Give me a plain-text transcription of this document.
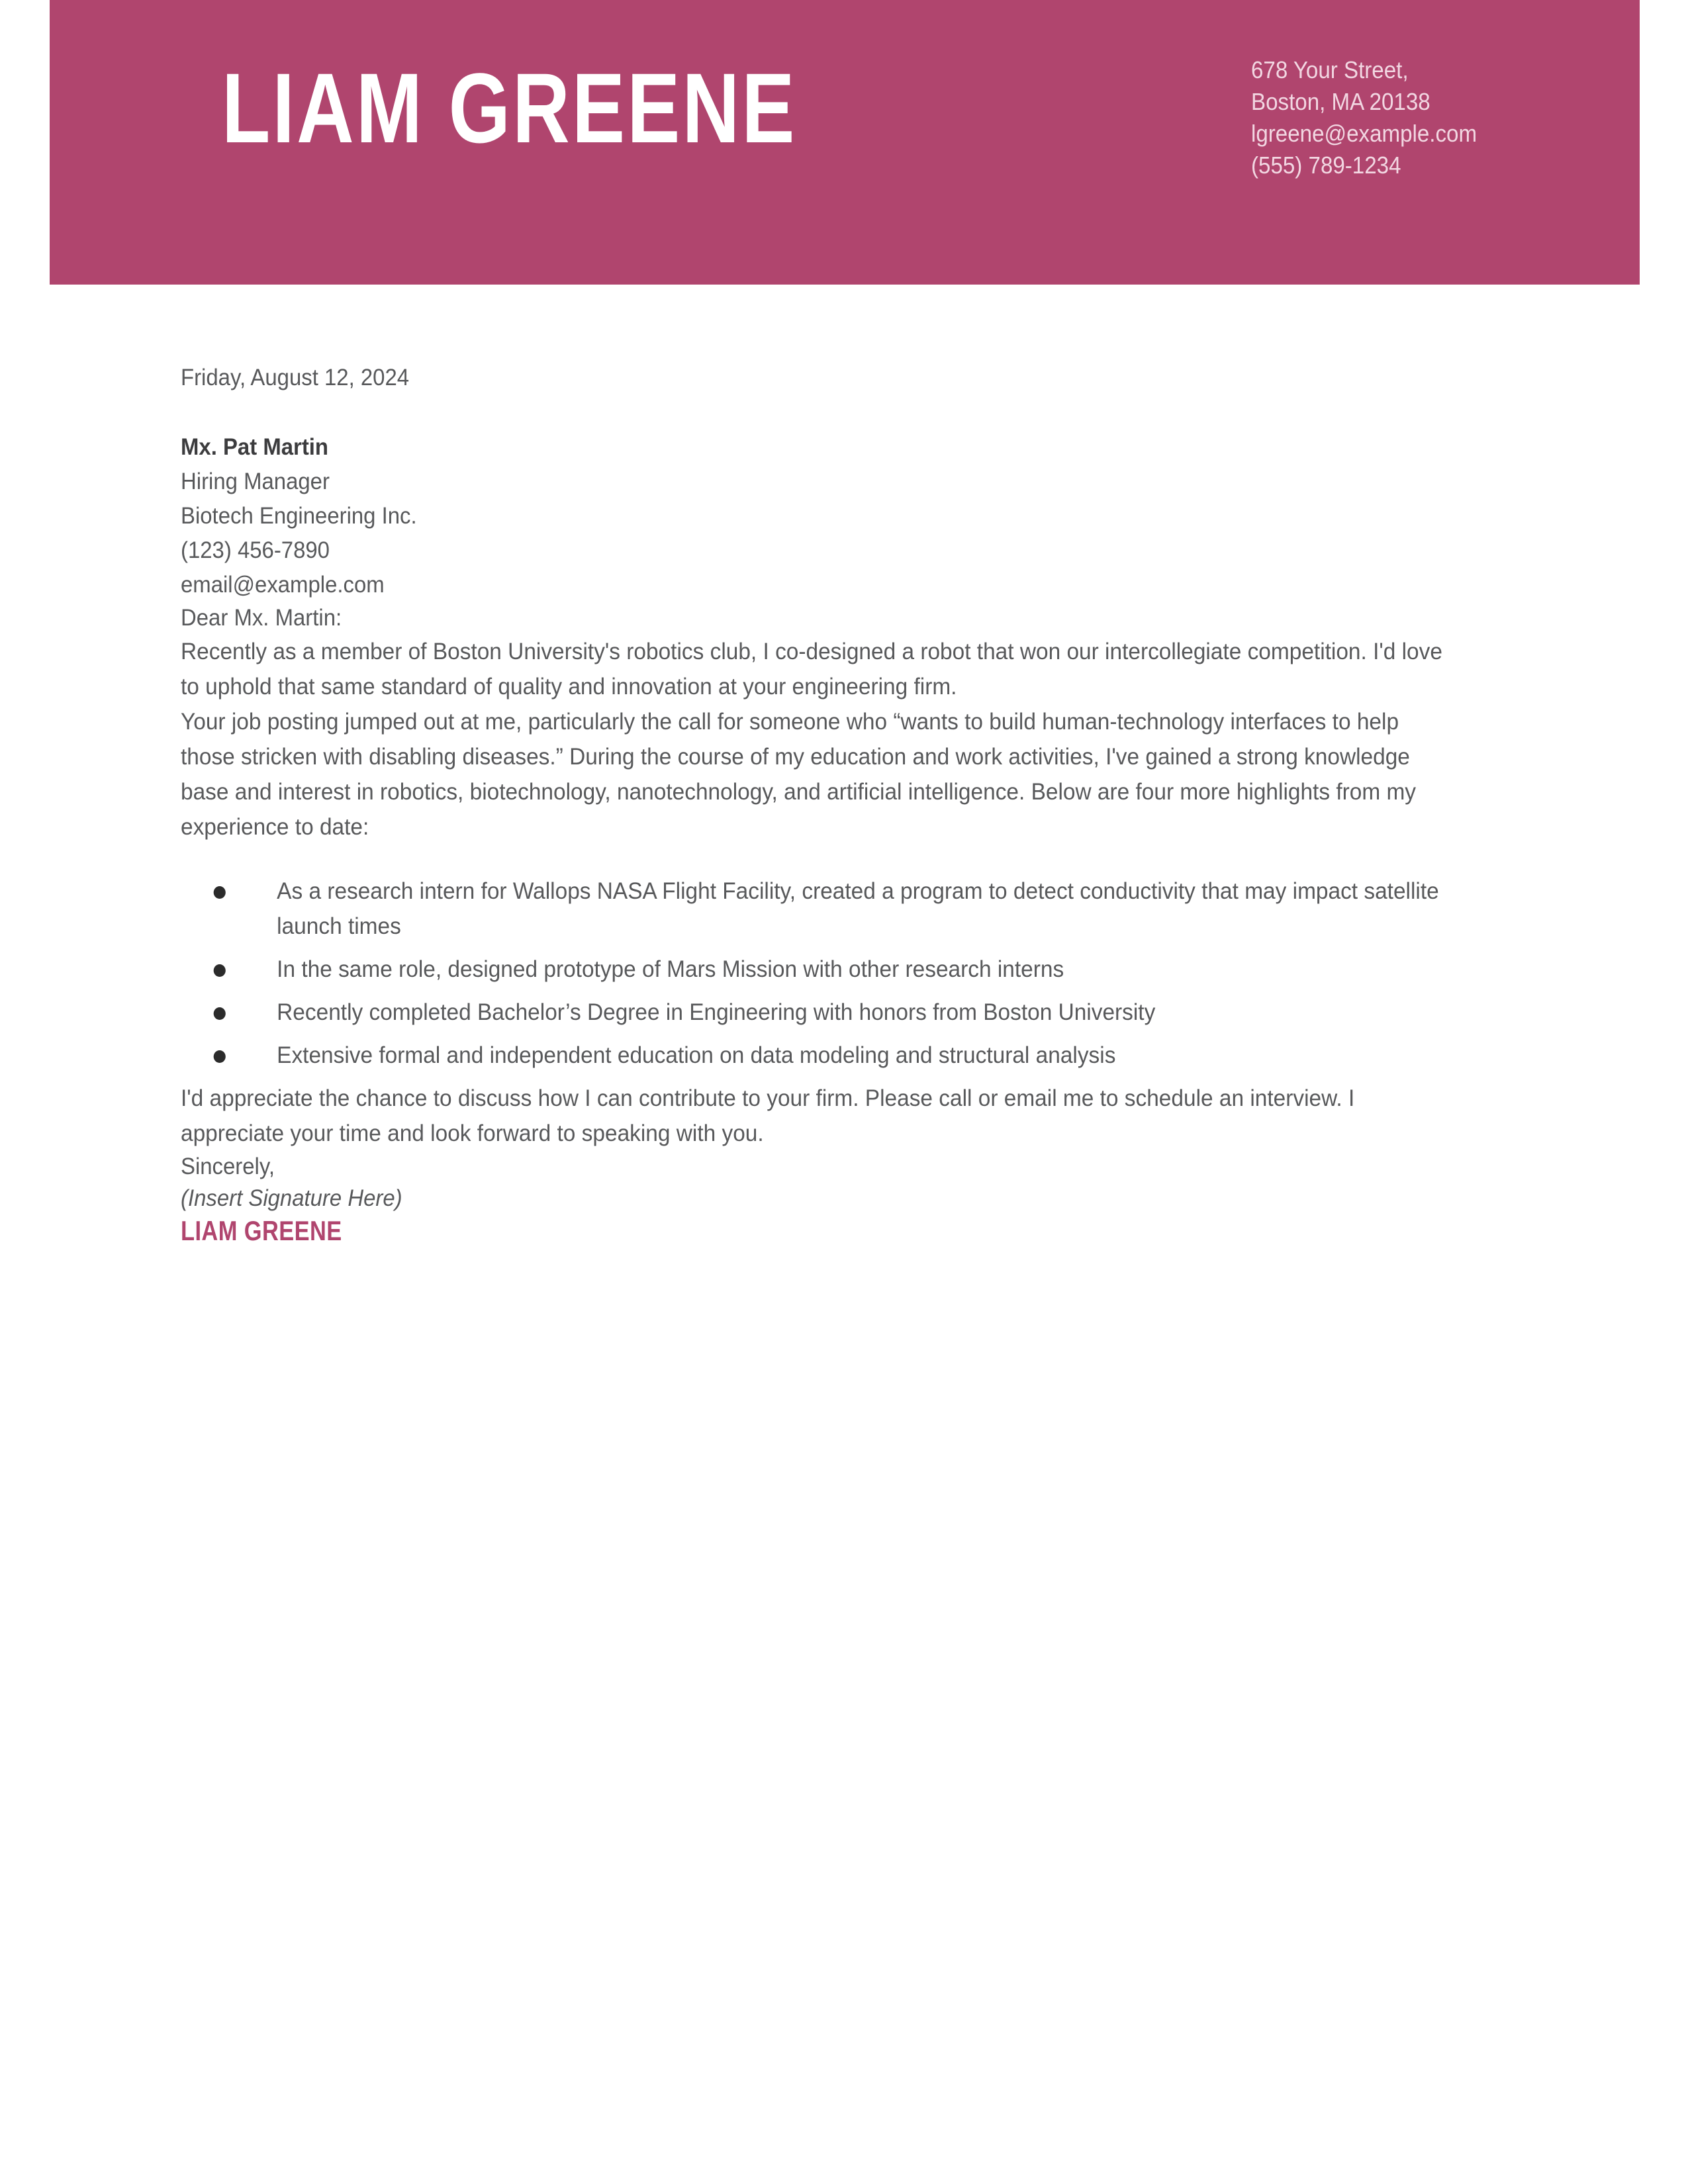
LIAM GREENE	678 Your Street,
Boston, MA 20138
lgreene@example.com
(555) 789-1234
Friday, August 12, 2024
Mx. Pat Martin
Hiring Manager
Biotech Engineering Inc.
(123) 456-7890
email@example.com
Dear Mx. Martin:

Recently as a member of Boston University's robotics club, I co-designed a robot that won our intercollegiate competition. I'd love to uphold that same standard of quality and innovation at your engineering firm.

Your job posting jumped out at me, particularly the call for someone who “wants to build human-technology interfaces to help those stricken with disabling diseases.” During the course of my education and work activities, I've gained a strong knowledge base and interest in robotics, biotechnology, nanotechnology, and artificial intelligence. Below are four more highlights from my experience to date:

As a research intern for Wallops NASA Flight Facility, created a program to detect conductivity that may impact satellite launch times
In the same role, designed prototype of Mars Mission with other research interns
Recently completed Bachelor’s Degree in Engineering with honors from Boston University
Extensive formal and independent education on data modeling and structural analysis

I'd appreciate the chance to discuss how I can contribute to your firm. Please call or email me to schedule an interview. I appreciate your time and look forward to speaking with you.

Sincerely,
(Insert Signature Here)
LIAM GREENE
